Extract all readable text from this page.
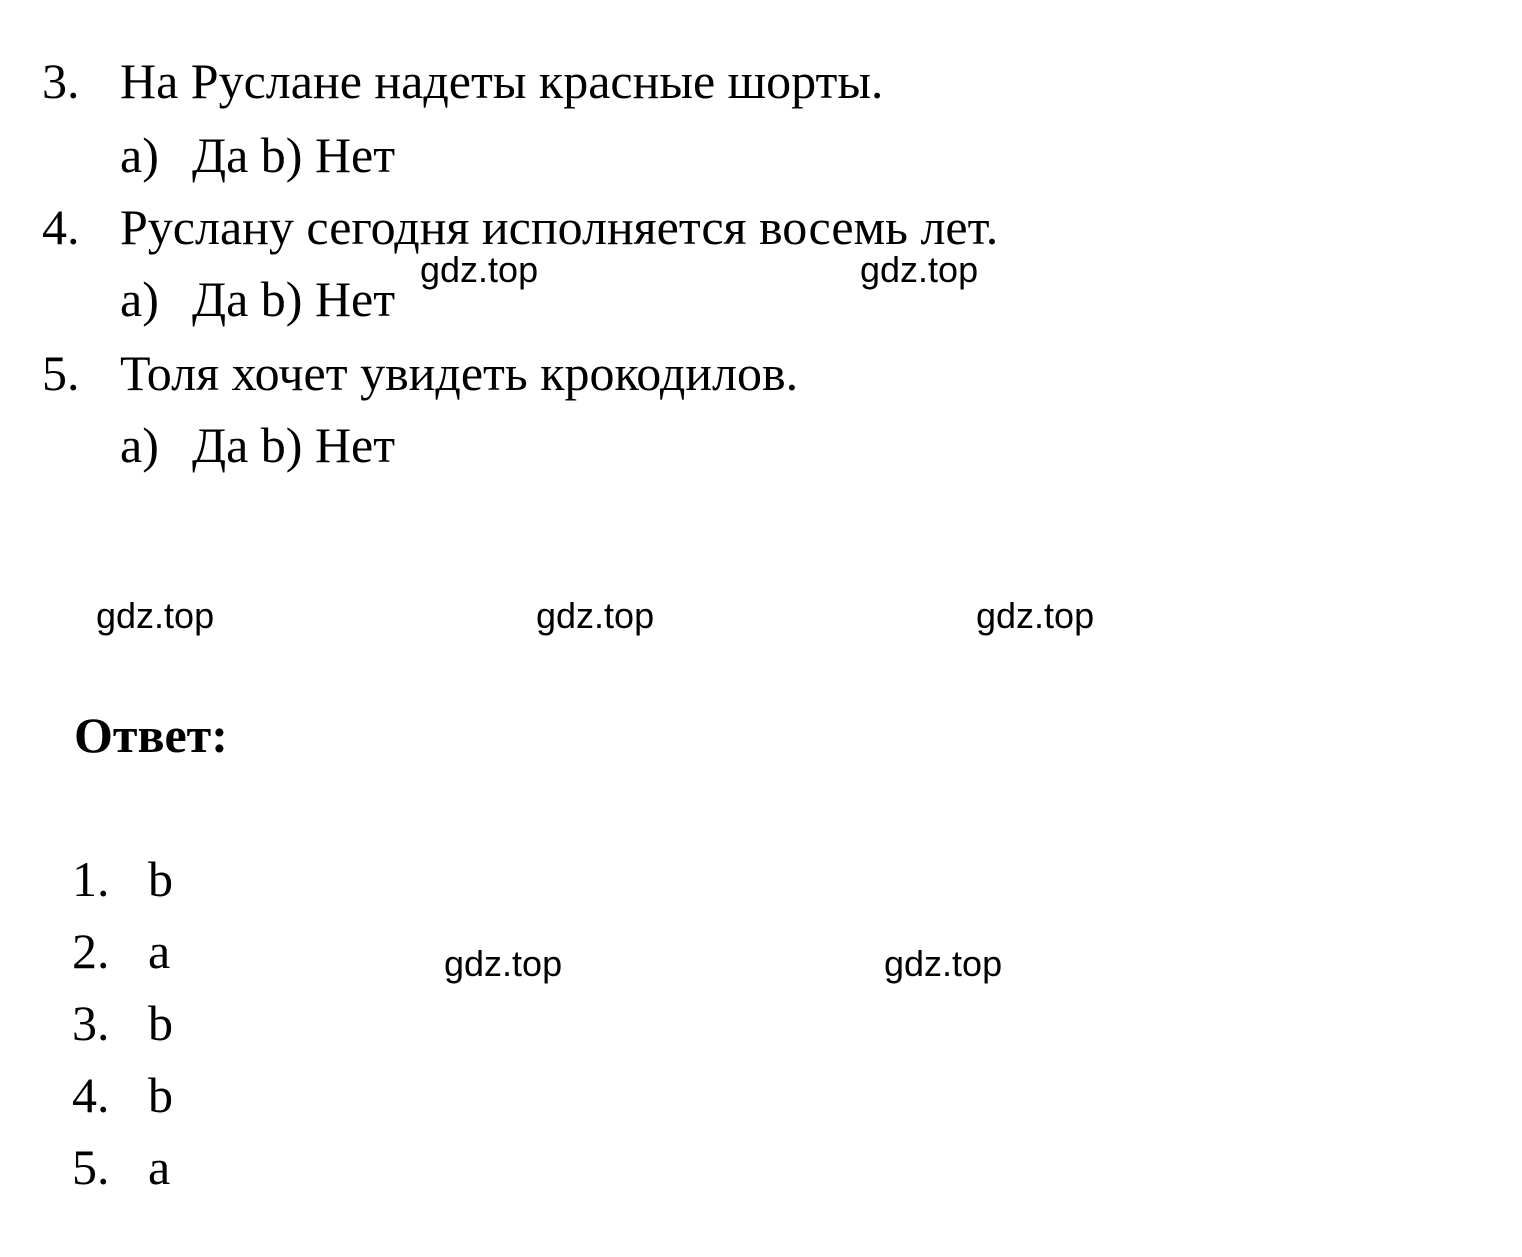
3. На Руслане надеты красные шорты.
a) Да b) Нет
4. Руслану сегодня исполняется восемь лет.
a) Да b) Нет
5. Толя хочет увидеть крокодилов.
a) Да b) Нет
Ответ:
1. b
2. a
3. b
4. b
5. a
gdz.top	gdz.top
gdz.top	gdz.top	gdz.top
gdz.top	gdz.top
